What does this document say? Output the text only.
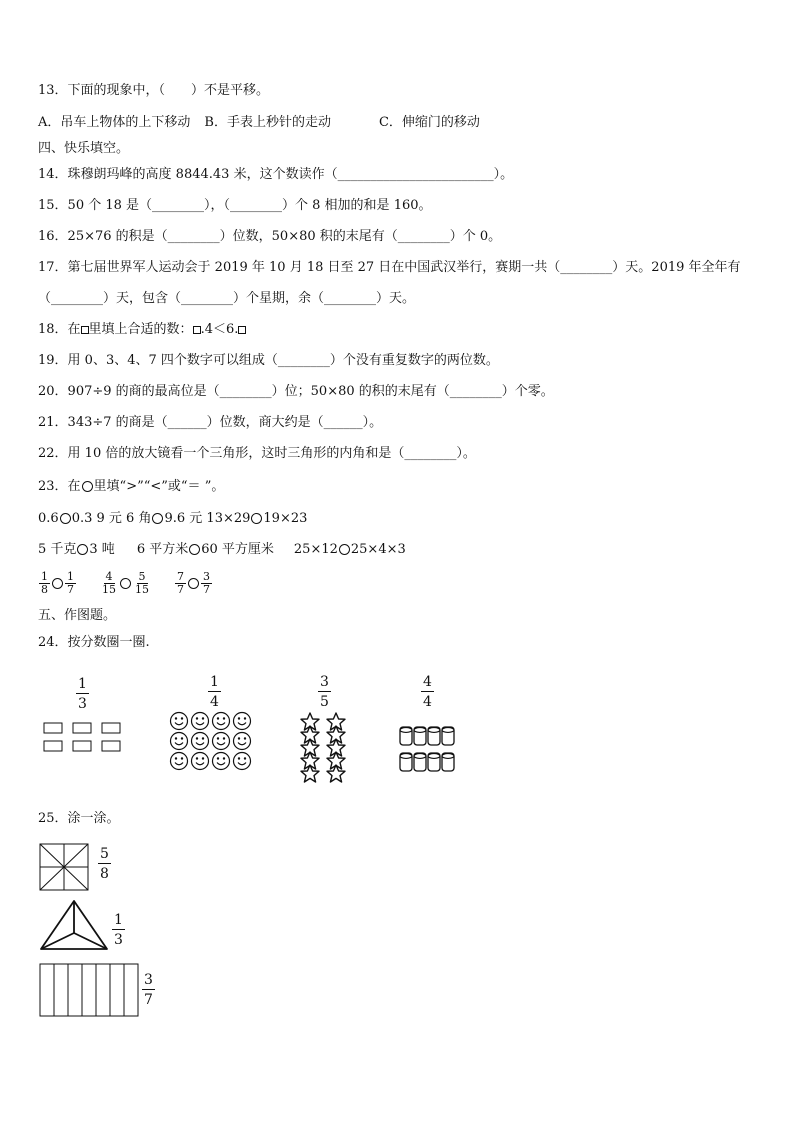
13．下面的现象中，（　　）不是平移。
A．吊车上物体的上下移动 B．手表上秒针的走动	C．伸缩门的移动
四、快乐填空。
14．珠穆朗玛峰的高度 8844.43 米，这个数读作（________________________）。
15．50 个 18 是（________），（________）个 8 相加的和是 160。
16．25×76 的积是（________）位数，50×80 积的末尾有（________）个 0。
17．第七届世界军人运动会于 2019 年 10 月 18 日至 27 日在中国武汉举行，赛期一共（________）天。2019 年全年有
（________）天，包含（________）个星期，余（________）天。
18．在 里填上合适的数： .4＜6.
19．用 0、3、4、7 四个数字可以组成（________）个没有重复数字的两位数。
20．907÷9 的商的最高位是（________）位；50×80 的积的末尾有（________）个零。
21．343÷7 的商是（______）位数，商大约是（______）。
22．用 10 倍的放大镜看一个三角形，这时三角形的内角和是（________）。
23．在 里填“>”“<”或“＝ ”。
0.6 0.3 9 元 6 角 9.6 元 13×29 19×23
5 千克 3 吨 6 平方米 60 平方厘米 25×12 25×4×3
$\frac{1}{8} \frac{1}{7} \frac{4}{15} \frac{5}{15} \frac{7}{7} \frac{3}{7}$
五、作图题。
24．按分数圈一圈.
$\frac{1}{3}$	$\frac{1}{4}$	$\frac{3}{5}$	$\frac{4}{4}$
25．涂一涂。
$\frac{5}{8}$
$\frac{1}{3}$
$\frac{3}{7}$
